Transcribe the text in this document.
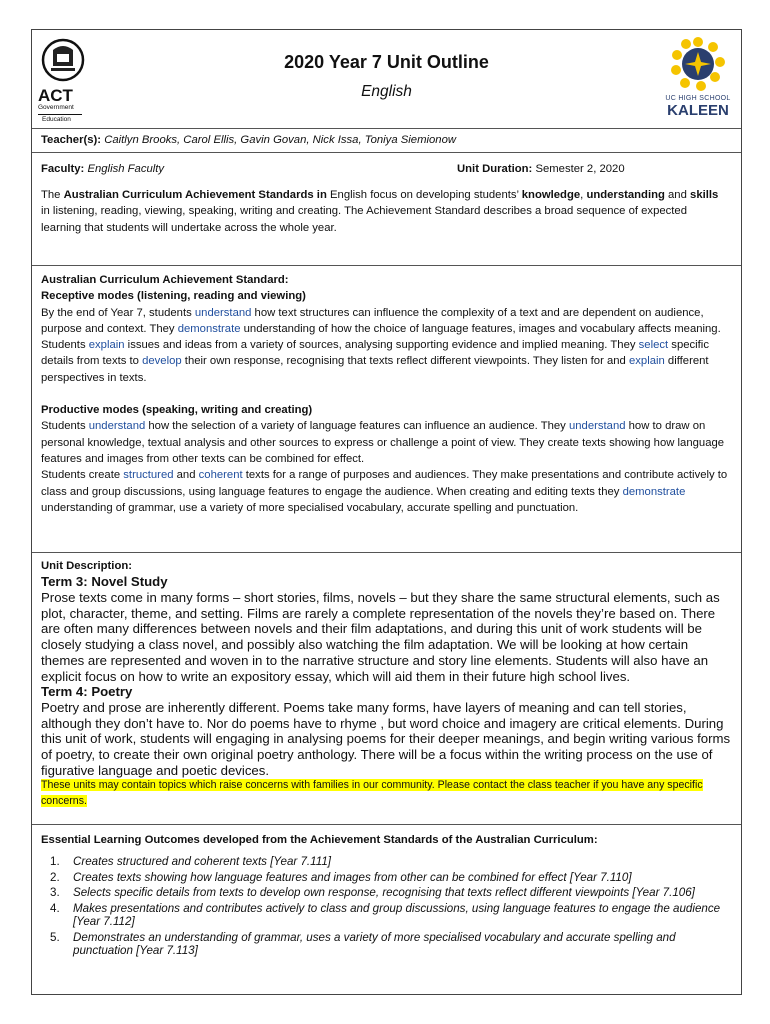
ACT
Government
Education
2020 Year 7 Unit Outline
English	UC HIGH SCHOOL
KALEEN
Teacher(s): Caitlyn Brooks, Carol Ellis, Gavin Govan, Nick Issa, Toniya Siemionow
Faculty: English Faculty	Unit Duration: Semester 2, 2020
The Australian Curriculum Achievement Standards in English focus on developing students’ knowledge, understanding and skills in listening, reading, viewing, speaking, writing and creating. The Achievement Standard describes a broad sequence of expected learning that students will undertake across the whole year.
Australian Curriculum Achievement Standard:
Receptive modes (listening, reading and viewing)
By the end of Year 7, students understand how text structures can influence the complexity of a text and are dependent on audience, purpose and context. They demonstrate understanding of how the choice of language features, images and vocabulary affects meaning.
Students explain issues and ideas from a variety of sources, analysing supporting evidence and implied meaning. They select specific details from texts to develop their own response, recognising that texts reflect different viewpoints. They listen for and explain different perspectives in texts.
Productive modes (speaking, writing and creating)
Students understand how the selection of a variety of language features can influence an audience. They understand how to draw on personal knowledge, textual analysis and other sources to express or challenge a point of view. They create texts showing how language features and images from other texts can be combined for effect.
Students create structured and coherent texts for a range of purposes and audiences. They make presentations and contribute actively to class and group discussions, using language features to engage the audience. When creating and editing texts they demonstrate understanding of grammar, use a variety of more specialised vocabulary, accurate spelling and punctuation.
Unit Description:
Term 3: Novel Study
Prose texts come in many forms – short stories, films, novels – but they share the same structural elements, such as plot, character, theme, and setting. Films are rarely a complete representation of the novels they’re based on. There are often many differences between novels and their film adaptations, and during this unit of work students will be closely studying a class novel, and possibly also watching the film adaptation. We will be looking at how certain themes are represented and woven in to the narrative structure and story line elements. Students will also have an explicit focus on how to write an expository essay, which will aid them in their future high school lives.
Term 4: Poetry
Poetry and prose are inherently different. Poems take many forms, have layers of meaning and can tell stories, although they don’t have to. Nor do poems have to rhyme , but word choice and imagery are critical elements. During this unit of work, students will engaging in analysing poems for their deeper meanings, and begin writing various forms of poetry, to create their own original poetry anthology. There will be a focus within the writing process on the use of figurative language and poetic devices.
These units may contain topics which raise concerns with families in our community. Please contact the class teacher if you have any specific concerns.
Essential Learning Outcomes developed from the Achievement Standards of the Australian Curriculum:
1. Creates structured and coherent texts [Year 7.111]
2. Creates texts showing how language features and images from other can be combined for effect [Year 7.110]
3. Selects specific details from texts to develop own response, recognising that texts reflect different viewpoints [Year 7.106]
4. Makes presentations and contributes actively to class and group discussions, using language features to engage the audience [Year 7.112]
5. Demonstrates an understanding of grammar, uses a variety of more specialised vocabulary and accurate spelling and punctuation [Year 7.113]
